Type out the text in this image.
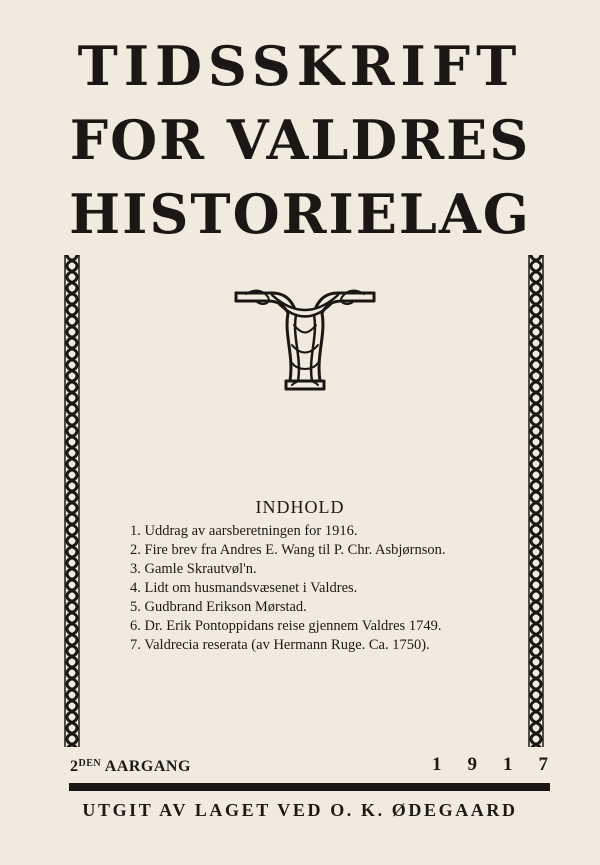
TIDSSKRIFT
FOR VALDRES
HISTORIELAG
INDHOLD
1. Uddrag av aarsberetningen for 1916.
2. Fire brev fra Andres E. Wang til P. Chr. Asbjørnson.
3. Gamle Skrautvøl'n.
4. Lidt om husmandsvæsenet i Valdres.
5. Gudbrand Erikson Mørstad.
6. Dr. Erik Pontoppidans reise gjennem Valdres 1749.
7. Valdrecia reserata (av Hermann Ruge. Ca. 1750).
$2^{DEN}$ AARGANG	1917
UTGIT AV LAGET VED O. K. ØDEGAARD
